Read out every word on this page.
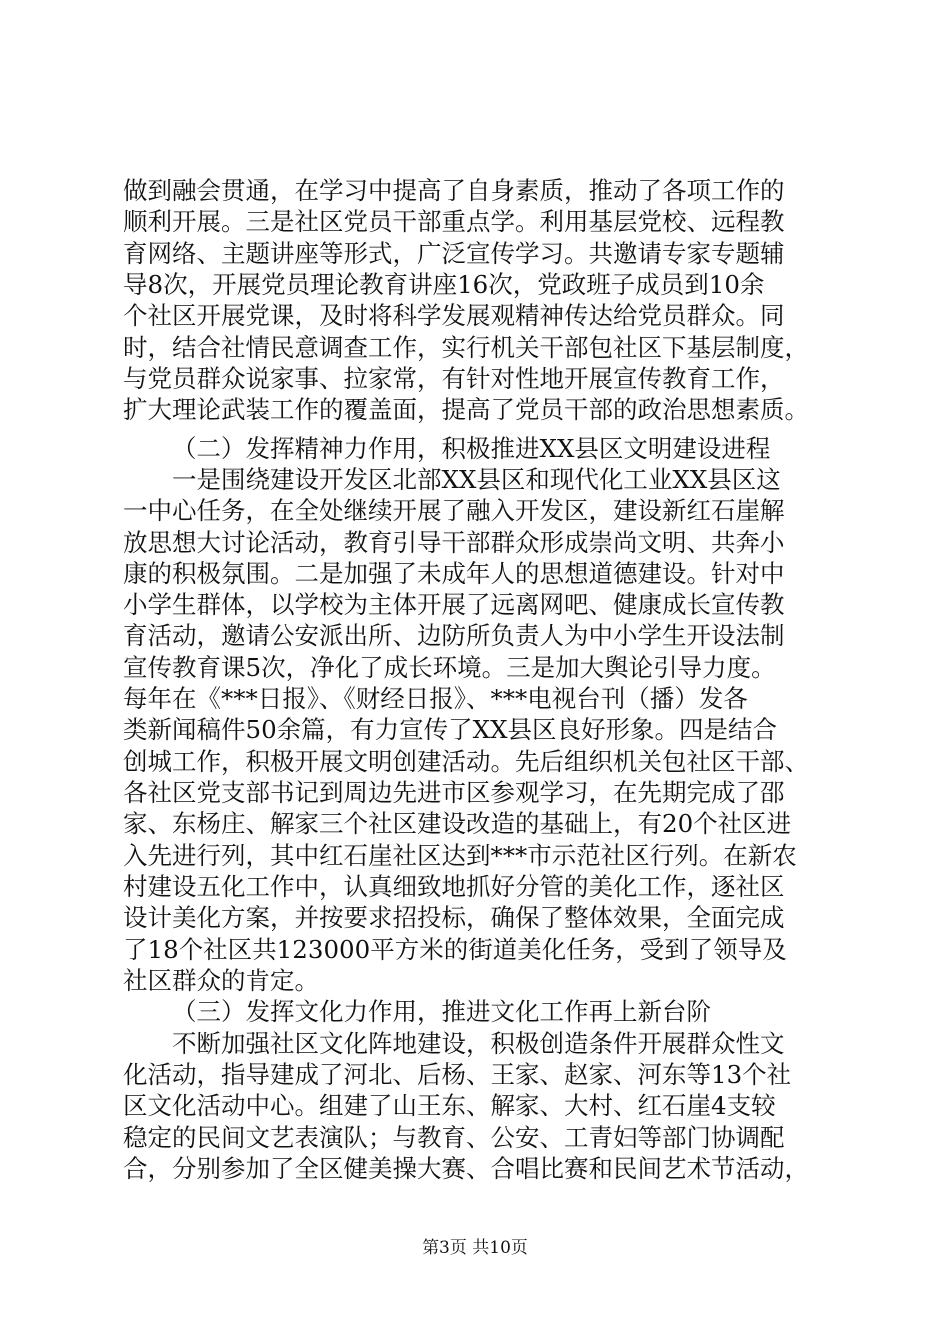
做到融会贯通，在学习中提高了自身素质，推动了各项工作的
顺利开展。三是社区党员干部重点学。利用基层党校、远程教
育网络、主题讲座等形式，广泛宣传学习。共邀请专家专题辅
导8次，开展党员理论教育讲座16次，党政班子成员到10余
个社区开展党课，及时将科学发展观精神传达给党员群众。同
时，结合社情民意调查工作，实行机关干部包社区下基层制度，
与党员群众说家事、拉家常，有针对性地开展宣传教育工作，
扩大理论武装工作的覆盖面，提高了党员干部的政治思想素质。
（二）发挥精神力作用，积极推进XX县区文明建设进程
一是围绕建设开发区北部XX县区和现代化工业XX县区这
一中心任务，在全处继续开展了融入开发区，建设新红石崖解
放思想大讨论活动，教育引导干部群众形成崇尚文明、共奔小
康的积极氛围。二是加强了未成年人的思想道德建设。针对中
小学生群体，以学校为主体开展了远离网吧、健康成长宣传教
育活动，邀请公安派出所、边防所负责人为中小学生开设法制
宣传教育课5次，净化了成长环境。三是加大舆论引导力度。
每年在《***日报》、《财经日报》、***电视台刊（播）发各
类新闻稿件50余篇，有力宣传了XX县区良好形象。四是结合
创城工作，积极开展文明创建活动。先后组织机关包社区干部、
各社区党支部书记到周边先进市区参观学习，在先期完成了邵
家、东杨庄、解家三个社区建设改造的基础上，有20个社区进
入先进行列，其中红石崖社区达到***市示范社区行列。在新农
村建设五化工作中，认真细致地抓好分管的美化工作，逐社区
设计美化方案，并按要求招投标，确保了整体效果，全面完成
了18个社区共123000平方米的街道美化任务，受到了领导及
社区群众的肯定。
（三）发挥文化力作用，推进文化工作再上新台阶
不断加强社区文化阵地建设，积极创造条件开展群众性文
化活动，指导建成了河北、后杨、王家、赵家、河东等13个社
区文化活动中心。组建了山王东、解家、大村、红石崖4支较
稳定的民间文艺表演队；与教育、公安、工青妇等部门协调配
合，分别参加了全区健美操大赛、合唱比赛和民间艺术节活动，
第3页 共10页
